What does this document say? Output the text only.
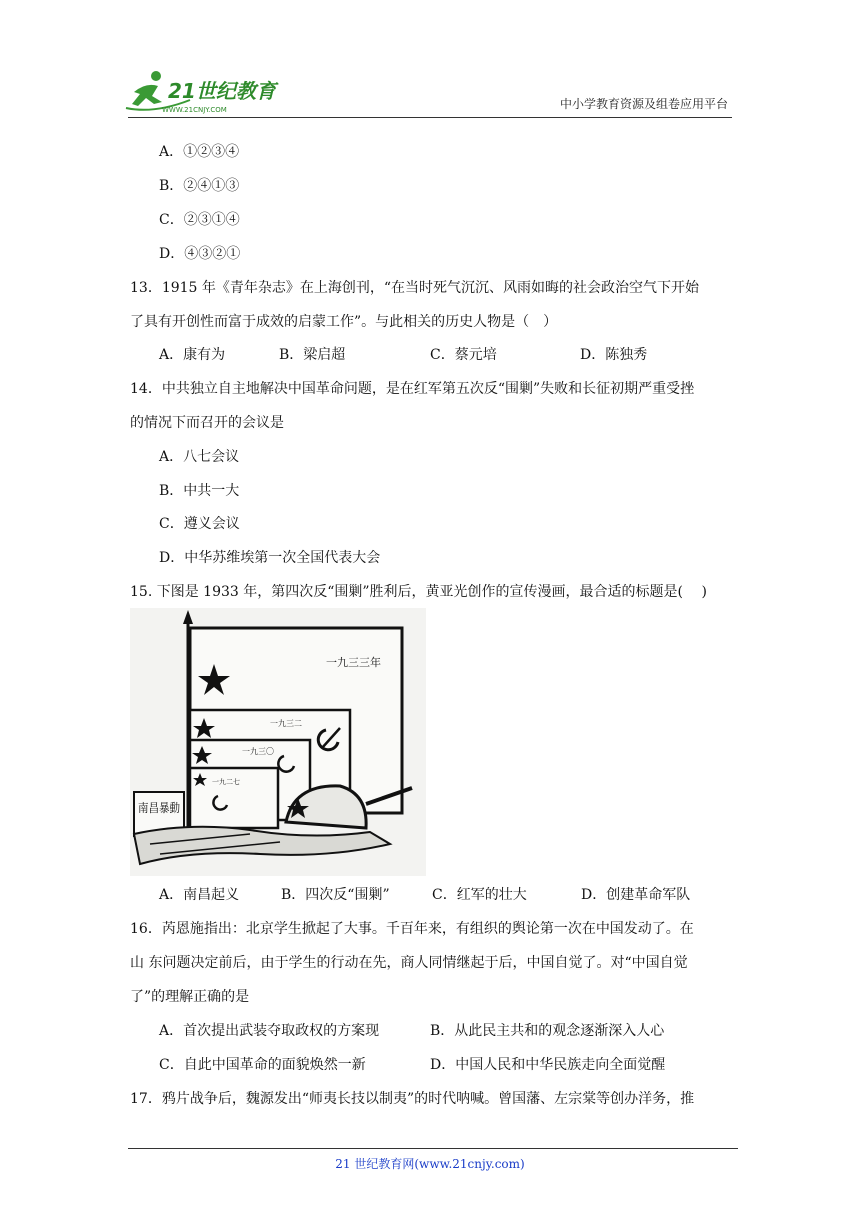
21世纪教育
WWW.21CNJY.COM	中小学教育资源及组卷应用平台
A．①②③④
B．②④①③
C．②③①④
D．④③②①
13．1915 年《青年杂志》在上海创刊，“在当时死气沉沉、风雨如晦的社会政治空气下开始
了具有开创性而富于成效的启蒙工作”。与此相关的历史人物是（　）
A．康有为	B．梁启超	C．蔡元培	D．陈独秀
14．中共独立自主地解决中国革命问题，是在红军第五次反“围剿”失败和长征初期严重受挫
的情况下而召开的会议是
A．八七会议
B．中共一大
C．遵义会议
D．中华苏维埃第一次全国代表大会
15. 下图是 1933 年，第四次反“围剿”胜利后，黄亚光创作的宣传漫画，最合适的标题是(　 )
一九三三年
一九三二
一九三〇
一九二七
南昌暴動
A．南昌起义	B．四次反“围剿”	C．红军的壮大	D．创建革命军队
16．芮恩施指出：北京学生掀起了大事。千百年来，有组织的舆论第一次在中国发动了。在
山 东问题决定前后，由于学生的行动在先，商人同情继起于后，中国自觉了。对“中国自觉
了”的理解正确的是
A．首次提出武装夺取政权的方案现	B．从此民主共和的观念逐渐深入人心
C．自此中国革命的面貌焕然一新	D．中国人民和中华民族走向全面觉醒
17．鸦片战争后，魏源发出“师夷长技以制夷”的时代呐喊。曾国藩、左宗棠等创办洋务，推
21 世纪教育网(www.21cnjy.com)
